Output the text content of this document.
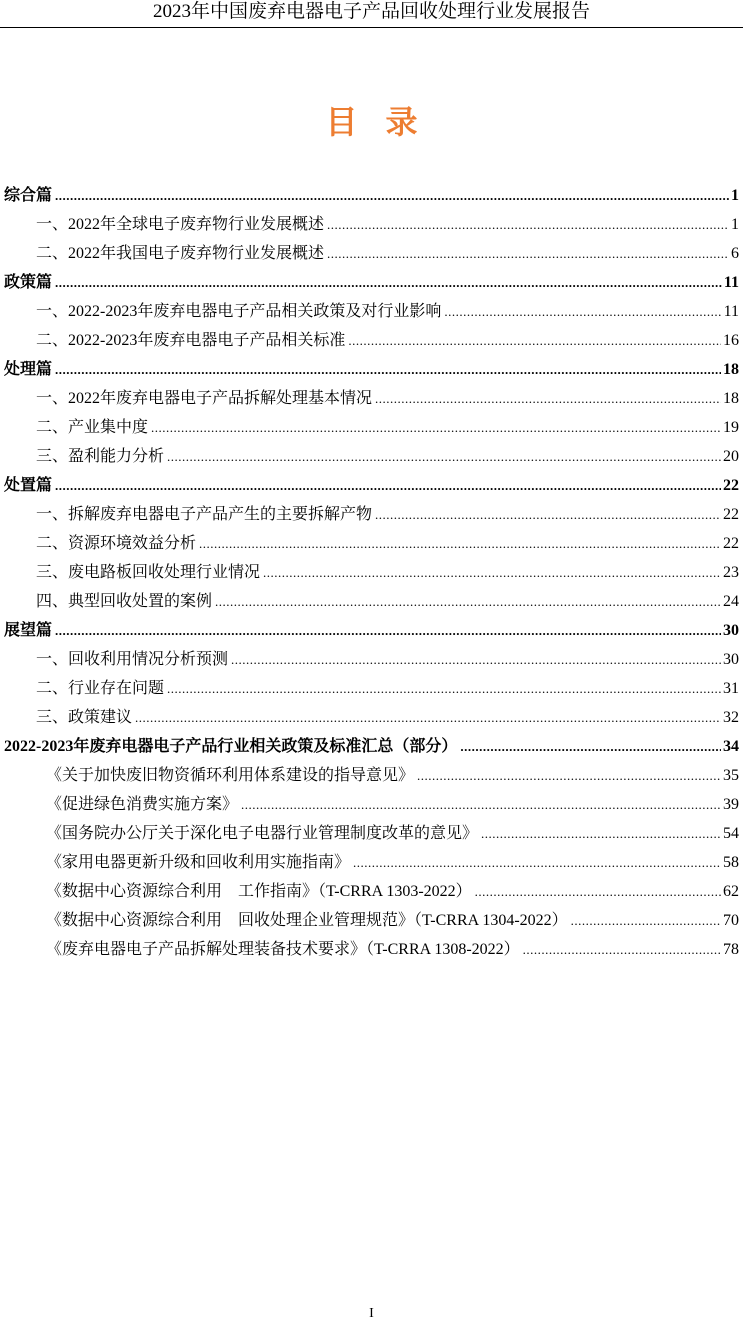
2023年中国废弃电器电子产品回收处理行业发展报告
目录
综合篇 .....	1
一、2022年全球电子废弃物行业发展概述 .....	1
二、2022年我国电子废弃物行业发展概述 .....	6
政策篇 .....	11
一、2022-2023年废弃电器电子产品相关政策及对行业影响 .....	11
二、2022-2023年废弃电器电子产品相关标准 .....	16
处理篇 .....	18
一、2022年废弃电器电子产品拆解处理基本情况 .....	18
二、产业集中度 .....	19
三、盈利能力分析 .....	20
处置篇 .....	22
一、拆解废弃电器电子产品产生的主要拆解产物 .....	22
二、资源环境效益分析 .....	22
三、废电路板回收处理行业情况 .....	23
四、典型回收处置的案例 .....	24
展望篇 .....	30
一、回收利用情况分析预测 .....	30
二、行业存在问题 .....	31
三、政策建议 .....	32
2022-2023年废弃电器电子产品行业相关政策及标准汇总（部分） .....	34
《关于加快废旧物资循环利用体系建设的指导意见》 .....	35
《促进绿色消费实施方案》 .....	39
《国务院办公厅关于深化电子电器行业管理制度改革的意见》 .....	54
《家用电器更新升级和回收利用实施指南》 .....	58
《数据中心资源综合利用　工作指南》（T-CRRA 1303-2022） .....	62
《数据中心资源综合利用　回收处理企业管理规范》（T-CRRA 1304-2022） .....	70
《废弃电器电子产品拆解处理装备技术要求》（T-CRRA 1308-2022） .....	78
I
